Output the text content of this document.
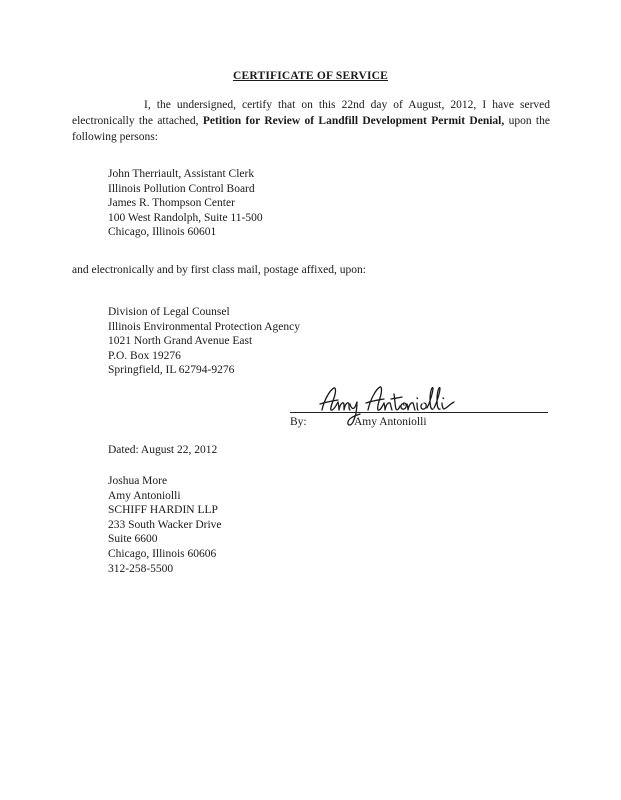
CERTIFICATE OF SERVICE
I, the undersigned, certify that on this 22nd day of August, 2012, I have served electronically the attached, Petition for Review of Landfill Development Permit Denial, upon the following persons:
John Therriault, Assistant Clerk
Illinois Pollution Control Board
James R. Thompson Center
100 West Randolph, Suite 11-500
Chicago, Illinois 60601
and electronically and by first class mail, postage affixed, upon:
Division of Legal Counsel
Illinois Environmental Protection Agency
1021 North Grand Avenue East
P.O. Box 19276
Springfield, IL 62794-9276
By:	Amy Antoniolli
Dated: August 22, 2012
Joshua More
Amy Antoniolli
SCHIFF HARDIN LLP
233 South Wacker Drive
Suite 6600
Chicago, Illinois 60606
312-258-5500
